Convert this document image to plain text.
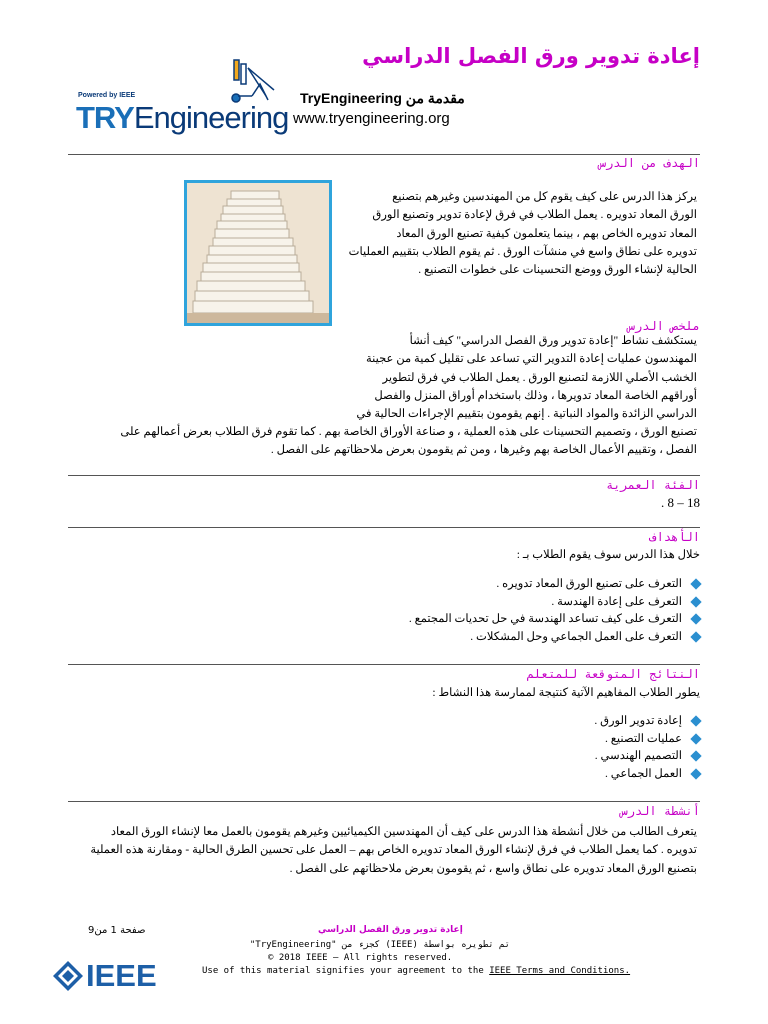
إعادة تدوير ورق الفصل الدراسي
Powered by IEEE
TRYEngineering
مقدمة من TryEngineering
www.tryengineering.org
الهدف من الدرس
يركز هذا الدرس على كيف يقوم كل من المهندسين وغيرهم بتصنيع
الورق المعاد تدويره . يعمل الطلاب في فرق لإعادة تدوير وتصنيع الورق
المعاد تدويره الخاص بهم ، بينما يتعلمون كيفية تصنيع الورق المعاد
تدويره على نطاق واسع في منشآت الورق . ثم يقوم الطلاب بتقييم العمليات
الحالية لإنشاء الورق ووضع التحسينات على خطوات التصنيع .
ملخص الدرس
يستكشف نشاط "إعادة تدوير ورق الفصل الدراسي" كيف أنشأ
المهندسون عمليات إعادة التدوير التي تساعد على تقليل كمية من عجينة
الخشب الأصلي اللازمة لتصنيع الورق . يعمل الطلاب في فرق لتطوير
أوراقهم الخاصة المعاد تدويرها ، وذلك باستخدام أوراق المنزل والفصل
الدراسي الزائدة والمواد النباتية . إنهم يقومون بتقييم الإجراءات الحالية في
تصنيع الورق ، وتصميم التحسينات على هذه العملية ، و صناعة الأوراق الخاصة بهم . كما تقوم فرق الطلاب بعرض أعمالهم على
الفصل ، وتقييم الأعمال الخاصة بهم وغيرها ، ومن ثم يقومون بعرض ملاحظاتهم على الفصل .
الفئة العمرية
18 – 8 .
الأهداف
خلال هذا الدرس سوف يقوم الطلاب بـ :
التعرف على تصنيع الورق المعاد تدويره .
التعرف على إعادة الهندسة .
التعرف على كيف تساعد الهندسة في حل تحديات المجتمع .
التعرف على العمل الجماعي وحل المشكلات .
النتائج المتوقعة للمتعلم
يطور الطلاب المفاهيم الآتية كنتيجة لممارسة هذا النشاط :
إعادة تدوير الورق .
عمليات التصنيع .
التصميم الهندسي .
العمل الجماعي .
أنشطة الدرس
يتعرف الطالب من خلال أنشطة هذا الدرس على كيف أن المهندسين الكيميائيين وغيرهم يقومون بالعمل معا لإنشاء الورق المعاد
تدويره . كما يعمل الطلاب في فرق لإنشاء الورق المعاد تدويره الخاص بهم – العمل على تحسين الطرق الحالية - ومقارنة هذه العملية
بتصنيع الورق المعاد تدويره على نطاق واسع ، ثم يقومون بعرض ملاحظاتهم على الفصل .
إعادة تدوير ورق الفصل الدراسي
صفحة 1 من9
تم تطويره بواسطة (IEEE) كجزء من "TryEngineering"
© 2018 IEEE – All rights reserved.
Use of this material signifies your agreement to the IEEE Terms and Conditions.
IEEE
